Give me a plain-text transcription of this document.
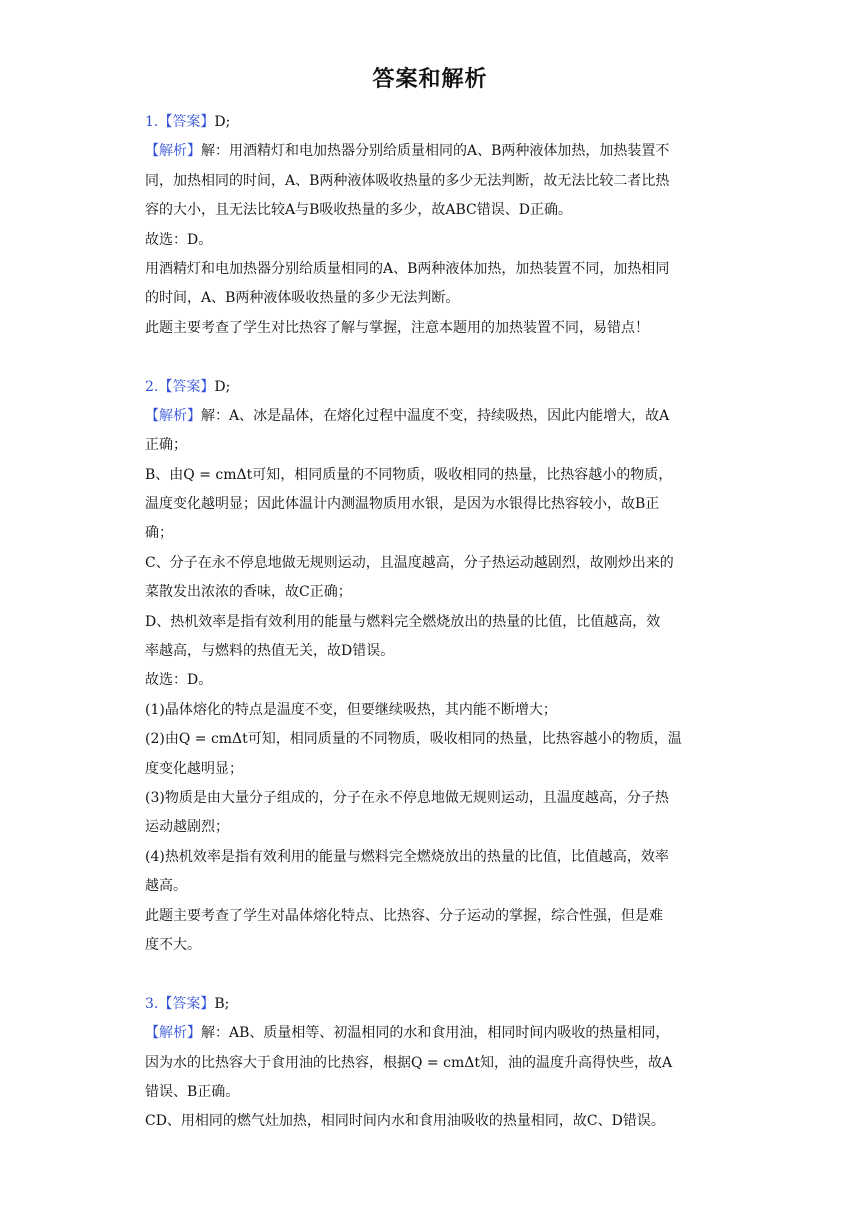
答案和解析
1.【答案】D;
【解析】解：用酒精灯和电加热器分别给质量相同的A、B两种液体加热，加热装置不
同，加热相同的时间，A、B两种液体吸收热量的多少无法判断，故无法比较二者比热
容的大小，且无法比较A与B吸收热量的多少，故ABC错误、D正确。
故选：D。
用酒精灯和电加热器分别给质量相同的A、B两种液体加热，加热装置不同，加热相同
的时间，A、B两种液体吸收热量的多少无法判断。
此题主要考查了学生对比热容了解与掌握，注意本题用的加热装置不同，易错点！
2.【答案】D;
【解析】解：A、冰是晶体，在熔化过程中温度不变，持续吸热，因此内能增大，故A
正确；
B、由Q = cmΔt可知，相同质量的不同物质，吸收相同的热量，比热容越小的物质，
温度变化越明显；因此体温计内测温物质用水银，是因为水银得比热容较小，故B正
确；
C、分子在永不停息地做无规则运动，且温度越高，分子热运动越剧烈，故刚炒出来的
菜散发出浓浓的香味，故C正确；
D、热机效率是指有效利用的能量与燃料完全燃烧放出的热量的比值，比值越高，效
率越高，与燃料的热值无关，故D错误。
故选：D。
(1)晶体熔化的特点是温度不变，但要继续吸热，其内能不断增大；
(2)由Q = cmΔt可知，相同质量的不同物质，吸收相同的热量，比热容越小的物质，温
度变化越明显；
(3)物质是由大量分子组成的，分子在永不停息地做无规则运动，且温度越高，分子热
运动越剧烈；
(4)热机效率是指有效利用的能量与燃料完全燃烧放出的热量的比值，比值越高，效率
越高。
此题主要考查了学生对晶体熔化特点、比热容、分子运动的掌握，综合性强，但是难
度不大。
3.【答案】B;
【解析】解：AB、质量相等、初温相同的水和食用油，相同时间内吸收的热量相同，
因为水的比热容大于食用油的比热容，根据Q = cmΔt知，油的温度升高得快些，故A
错误、B正确。
CD、用相同的燃气灶加热，相同时间内水和食用油吸收的热量相同，故C、D错误。
